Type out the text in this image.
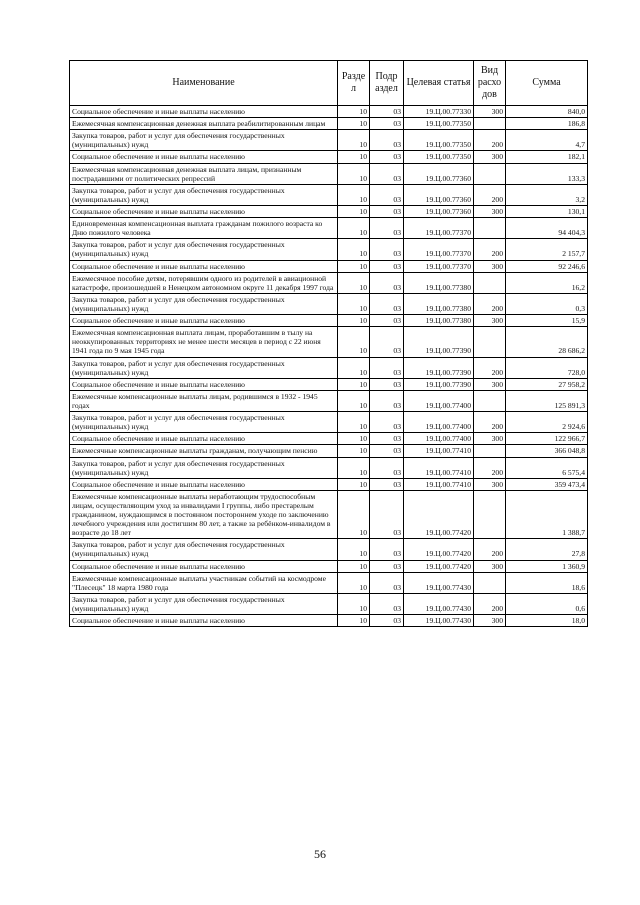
Наименование	Разде л	Подр аздел	Целевая статья	Вид расхо дов	Сумма
Социальное обеспечение и иные выплаты населению	10	03	19.Ц.00.77330	300	840,0
Ежемесячная компенсационная денежная выплата реабилитированным лицам	10	03	19.Ц.00.77350		186,8
Закупка товаров, работ и услуг для обеспечения государственных (муниципальных) нужд	10	03	19.Ц.00.77350	200	4,7
Социальное обеспечение и иные выплаты населению	10	03	19.Ц.00.77350	300	182,1
Ежемесячная компенсационная денежная выплата лицам, признанным пострадавшими от политических репрессий	10	03	19.Ц.00.77360		133,3
Закупка товаров, работ и услуг для обеспечения государственных (муниципальных) нужд	10	03	19.Ц.00.77360	200	3,2
Социальное обеспечение и иные выплаты населению	10	03	19.Ц.00.77360	300	130,1
Единовременная компенсационная выплата гражданам пожилого возраста ко Дню пожилого человека	10	03	19.Ц.00.77370		94 404,3
Закупка товаров, работ и услуг для обеспечения государственных (муниципальных) нужд	10	03	19.Ц.00.77370	200	2 157,7
Социальное обеспечение и иные выплаты населению	10	03	19.Ц.00.77370	300	92 246,6
Ежемесячное пособие детям, потерявшим одного из родителей в авиационной катастрофе, произошедшей в Ненецком автономном округе 11 декабря 1997 года	10	03	19.Ц.00.77380		16,2
Закупка товаров, работ и услуг для обеспечения государственных (муниципальных) нужд	10	03	19.Ц.00.77380	200	0,3
Социальное обеспечение и иные выплаты населению	10	03	19.Ц.00.77380	300	15,9
Ежемесячная компенсационная выплата лицам, проработавшим в тылу на неоккупированных территориях не менее шести месяцев в период с 22 июня 1941 года по 9 мая 1945 года	10	03	19.Ц.00.77390		28 686,2
Закупка товаров, работ и услуг для обеспечения государственных (муниципальных) нужд	10	03	19.Ц.00.77390	200	728,0
Социальное обеспечение и иные выплаты населению	10	03	19.Ц.00.77390	300	27 958,2
Ежемесячные компенсационные выплаты лицам, родившимся в 1932 - 1945 годах	10	03	19.Ц.00.77400		125 891,3
Закупка товаров, работ и услуг для обеспечения государственных (муниципальных) нужд	10	03	19.Ц.00.77400	200	2 924,6
Социальное обеспечение и иные выплаты населению	10	03	19.Ц.00.77400	300	122 966,7
Ежемесячные компенсационные выплаты гражданам, получающим пенсию	10	03	19.Ц.00.77410		366 048,8
Закупка товаров, работ и услуг для обеспечения государственных (муниципальных) нужд	10	03	19.Ц.00.77410	200	6 575,4
Социальное обеспечение и иные выплаты населению	10	03	19.Ц.00.77410	300	359 473,4
Ежемесячные компенсационные выплаты неработающим трудоспособным лицам, осуществляющим уход за инвалидами I группы, либо престарелым гражданином, нуждающимся в постоянном постороннем уходе по заключению лечебного учреждения или достигшим 80 лет, а также за ребёнком-инвалидом в возрасте до 18 лет	10	03	19.Ц.00.77420		1 388,7
Закупка товаров, работ и услуг для обеспечения государственных (муниципальных) нужд	10	03	19.Ц.00.77420	200	27,8
Социальное обеспечение и иные выплаты населению	10	03	19.Ц.00.77420	300	1 360,9
Ежемесячные компенсационные выплаты участникам событий на космодроме "Плесецк" 18 марта 1980 года	10	03	19.Ц.00.77430		18,6
Закупка товаров, работ и услуг для обеспечения государственных (муниципальных) нужд	10	03	19.Ц.00.77430	200	0,6
Социальное обеспечение и иные выплаты населению	10	03	19.Ц.00.77430	300	18,0
56
